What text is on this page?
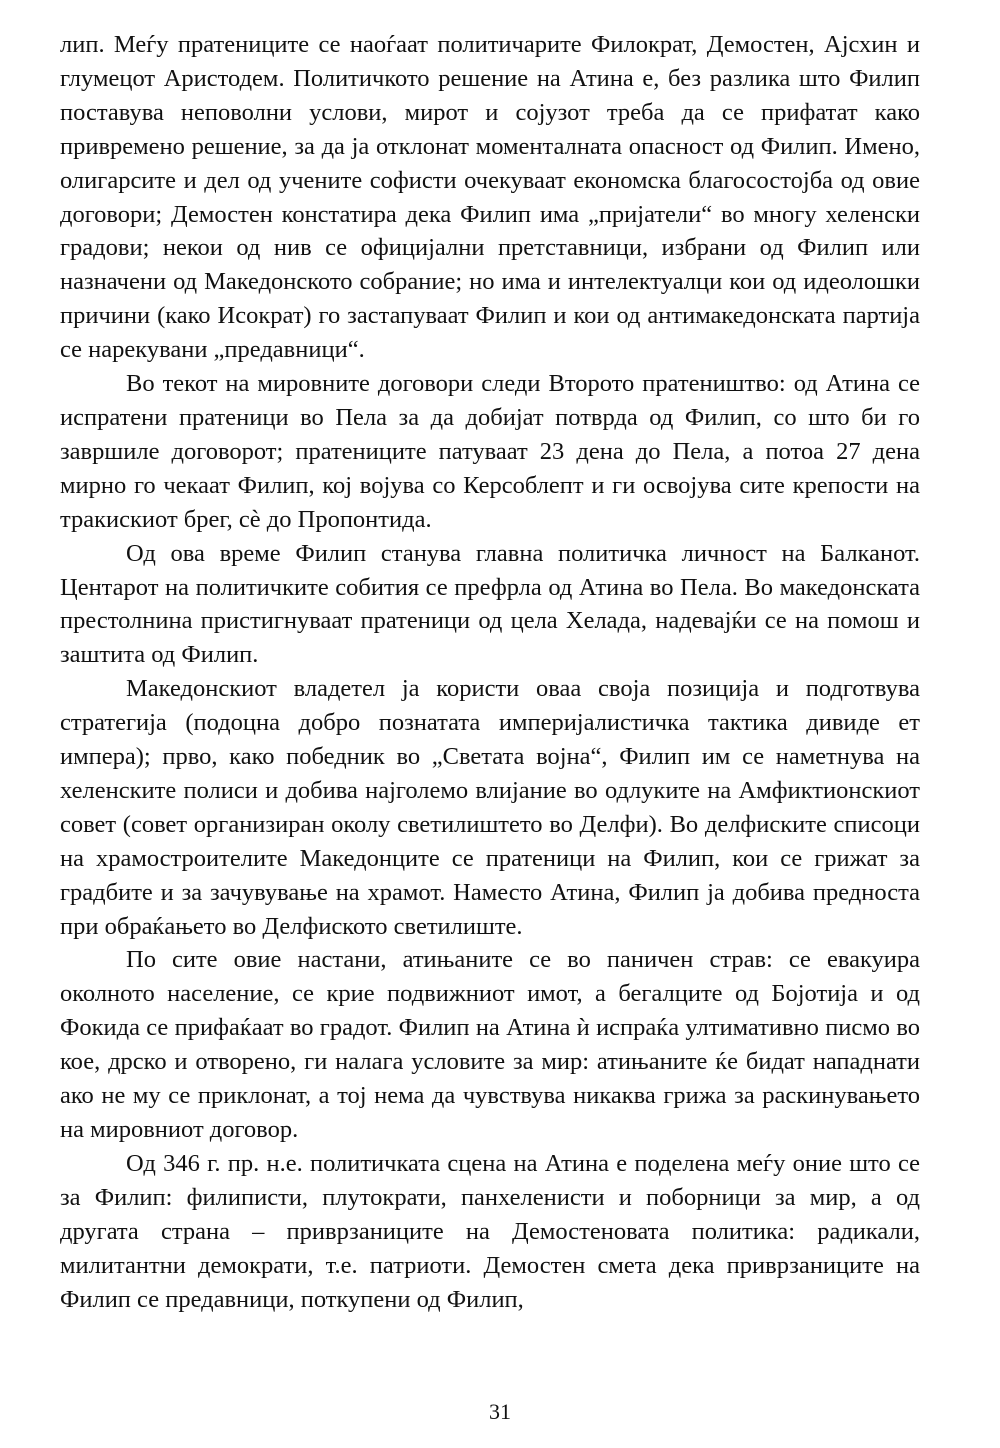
лип. Меѓу пратениците се наоѓаат политичарите Филократ, Демостен, Ајсхин и глумецот Аристодем. Политичкото решение на Атина е, без разлика што Филип поставува неповолни услови, мирот и сојузот треба да се прифатат како привремено решение, за да ја отклонат моменталната опасност од Филип. Имено, олигарсите и дел од учените софисти очекуваат економска благосостојба од овие договори; Демостен констатира дека Филип има „пријатели“ во многу хеленски градови; некои од нив се официјални претставници, избрани од Филип или назначени од Македонското собрание; но има и интелектуалци кои од идеолошки причини (како Исократ) го застапуваат Филип и кои од антимакедонската партија се нарекувани „предавници“.

Во текот на мировните договори следи Второто пратеништво: од Атина се испратени пратеници во Пела за да добијат потврда од Филип, со што би го завршиле договорот; пратениците патуваат 23 дена до Пела, а потоа 27 дена мирно го чекаат Филип, кој војува со Керсоблепт и ги освојува сите крепости на тракискиот брег, сè до Пропонтида.

Од ова време Филип станува главна политичка личност на Балканот. Центарот на политичките собития се префрла од Атина во Пела. Во македонската престолнина пристигнуваат пратеници од цела Хелада, надевајќи се на помош и заштита од Филип.

Македонскиот владетел ја користи оваа своја позиција и подготвува стратегија (подоцна добро познатата империјалистичка тактика дивиде ет импера); прво, како победник во „Светата војна“, Филип им се наметнува на хеленските полиси и добива најголемо влијание во одлуките на Амфиктионскиот совет (совет организиран околу светилиштето во Делфи). Во делфиските списоци на храмостроителите Македонците се пратеници на Филип, кои се грижат за градбите и за зачувување на храмот. Наместо Атина, Филип ја добива предноста при обраќањето во Делфиското светилиште.

По сите овие настани, атињаните се во паничен страв: се евакуира околното население, се крие подвижниот имот, а бегалците од Бојотија и од Фокида се прифаќаат во градот. Филип на Атина ѝ испраќа ултимативно писмо во кое, дрско и отворено, ги налага условите за мир: атињаните ќе бидат нападнати ако не му се приклонат, а тој нема да чувствува никаква грижа за раскинувањето на мировниот договор.

Од 346 г. пр. н.е. политичката сцена на Атина е поделена меѓу оние што се за Филип: филиписти, плутократи, панхеленисти и поборници за мир, а од другата страна – приврзаниците на Демостеновата политика: радикали, милитантни демократи, т.е. патриоти. Демостен смета дека приврзаниците на Филип се предавници, поткупени од Филип,

31
